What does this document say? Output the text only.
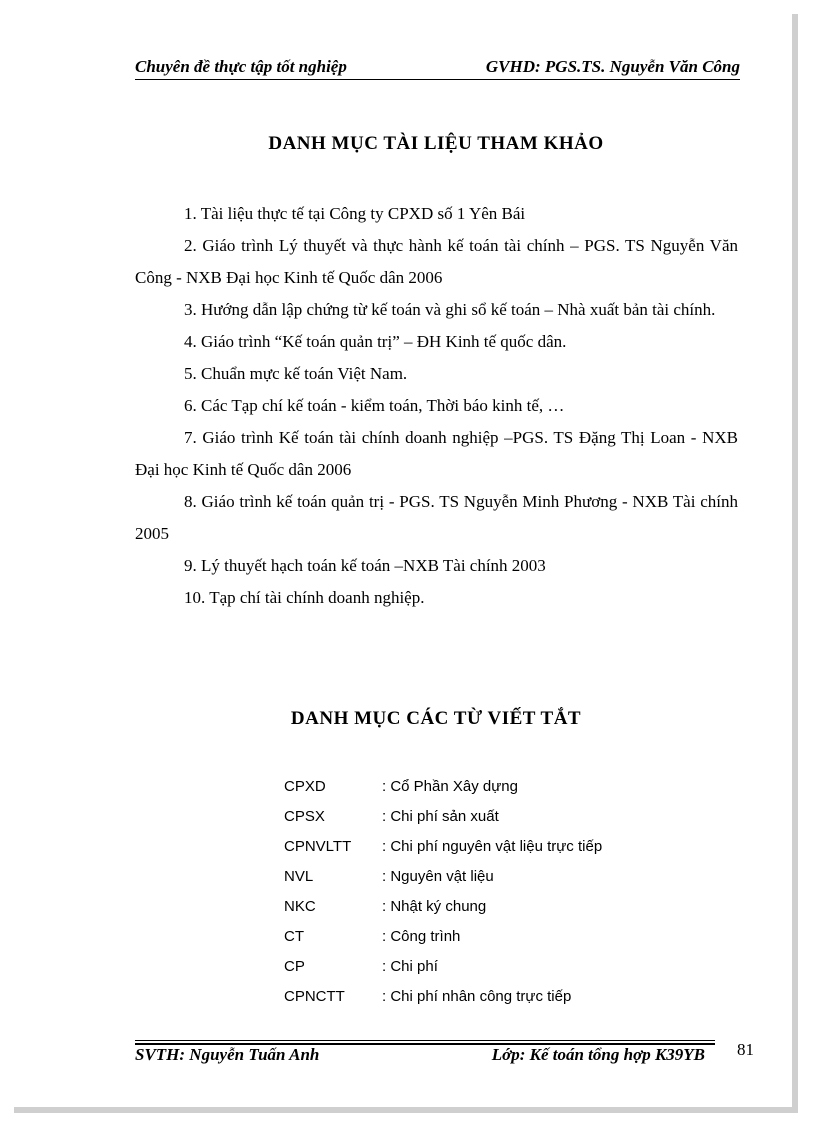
Chuyên đề thực tập tốt nghiệp	GVHD: PGS.TS. Nguyễn Văn Công
DANH MỤC TÀI LIỆU THAM KHẢO

1. Tài liệu thực tế tại Công ty CPXD số 1 Yên Bái

2. Giáo trình Lý thuyết và thực hành kế toán tài chính – PGS. TS Nguyễn Văn Công - NXB Đại học Kinh tế Quốc dân 2006

3. Hướng dẫn lập chứng từ kế toán và ghi sổ kế toán – Nhà xuất bản tài chính.

4. Giáo trình “Kế toán quản trị” – ĐH Kinh tế quốc dân.

5. Chuẩn mực kế toán Việt Nam.

6. Các Tạp chí kế toán - kiểm toán, Thời báo kinh tế, …

7. Giáo trình Kế toán tài chính doanh nghiệp –PGS. TS Đặng Thị Loan - NXB Đại học Kinh tế Quốc dân 2006

8. Giáo trình kế toán quản trị - PGS. TS Nguyễn Minh Phương - NXB Tài chính 2005

9. Lý thuyết hạch toán kế toán –NXB Tài chính 2003

10. Tạp chí tài chính doanh nghiệp.

DANH MỤC CÁC TỪ VIẾT TẮT
CPXD	: Cổ Phần Xây dựng
CPSX	: Chi phí sản xuất
CPNVLTT	: Chi phí nguyên vật liệu trực tiếp
NVL	: Nguyên vật liệu
NKC	: Nhật ký chung
CT	: Công trình
CP	: Chi phí
CPNCTT	: Chi phí nhân công trực tiếp
SVTH: Nguyễn Tuấn Anh	Lớp: Kế toán tổng hợp K39YB 81
